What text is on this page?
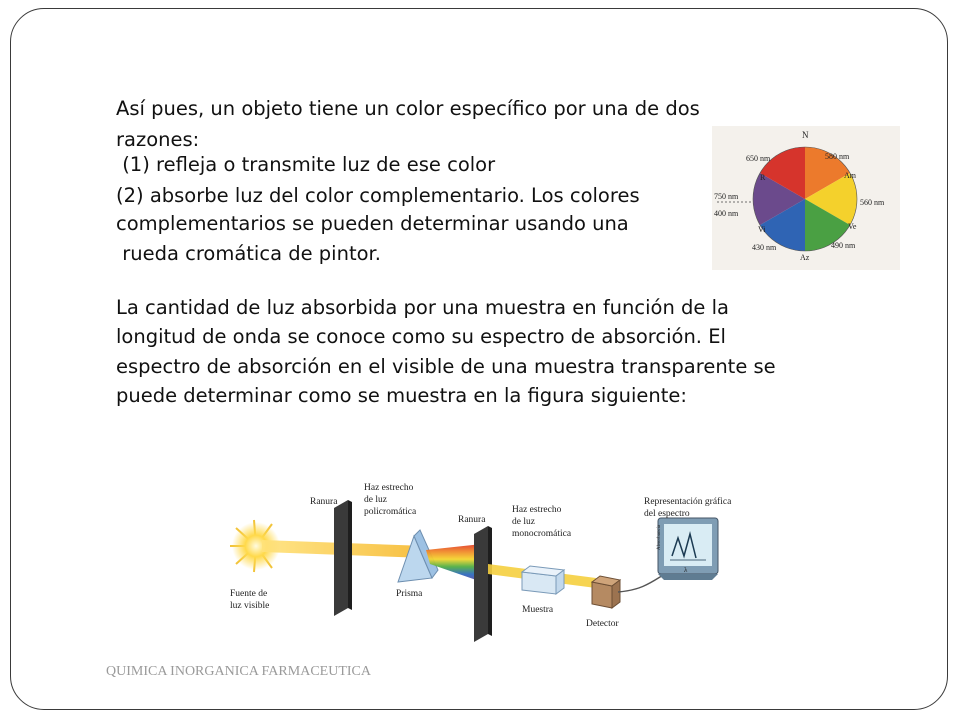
Así pues, un objeto tiene un color específico por una de dos
razones:
(1) refleja o transmite luz de ese color
(2) absorbe luz del color complementario. Los colores
complementarios se pueden determinar usando una
rueda cromática de pintor.
La cantidad de luz absorbida por una muestra en función de la
longitud de onda se conoce como su espectro de absorción. El
espectro de absorción en el visible de una muestra transparente se
puede determinar como se muestra en la figura siguiente:
N
650 nm	580 nm
R	Am
750 nm
400 nm
560 nm
Vi	Ve
430 nm	490 nm
Az
Absorbancia
λ
Fuente de
luz visible
Ranura
Haz estrecho
de luz
policromática
Prisma
Ranura
Haz estrecho
de luz
monocromática
Muestra
Detector
Representación gráfica
del espectro
QUIMICA INORGANICA FARMACEUTICA
